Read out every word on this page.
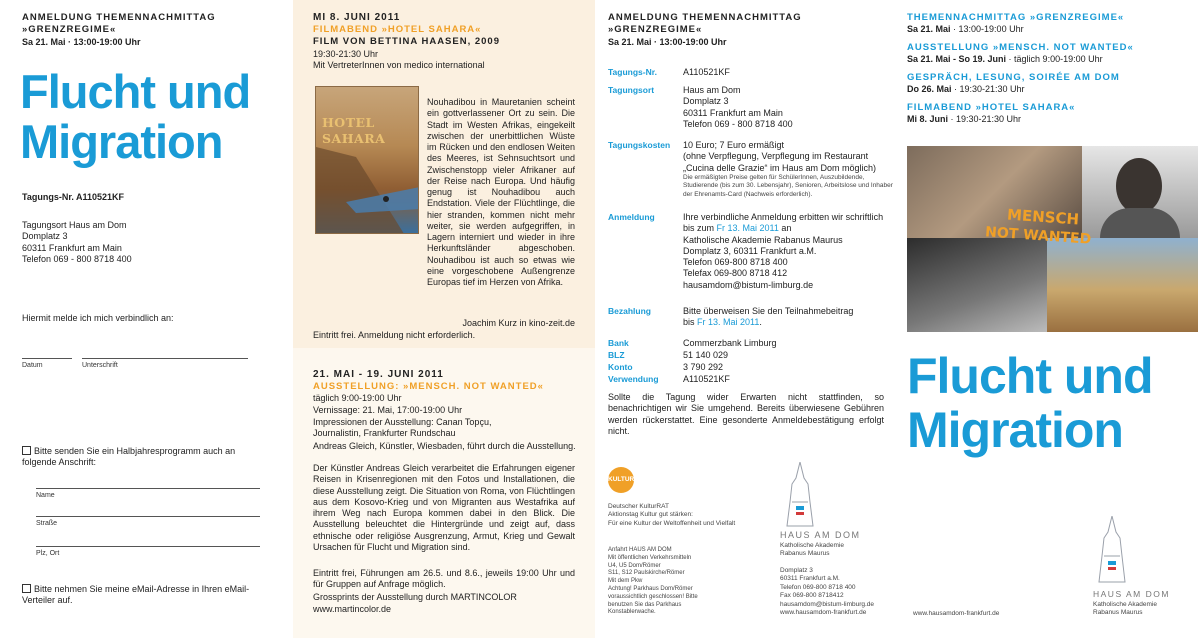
ANMELDUNG THEMENNACHMITTAG
»GRENZREGIME«
Sa 21. Mai · 13:00-19:00 Uhr
Flucht und
Migration
Tagungs-Nr. A110521KF
Tagungsort Haus am Dom
Domplatz 3
60311 Frankfurt am Main
Telefon 069 - 800 8718 400
Hiermit melde ich mich verbindlich an:
Datum	Unterschrift
Bitte senden Sie ein Halbjahresprogramm auch an folgende Anschrift:
Name
Straße
Plz, Ort
Bitte nehmen Sie meine eMail-Adresse in Ihren eMail-Verteiler auf.
MI 8. JUNI 2011
FILMABEND »HOTEL SAHARA«
FILM VON BETTINA HAASEN, 2009
19:30-21:30 Uhr
Mit VertreterInnen von medico international
HOTEL SAHARA
Nouhadibou in Mauretanien scheint ein gottverlassener Ort zu sein. Die Stadt im Westen Afrikas, eingekeilt zwischen der unerbittlichen Wüste im Rücken und den endlosen Weiten des Meeres, ist Sehnsuchtsort und Zwischenstopp vieler Afrikaner auf der Reise nach Europa. Und häufig genug ist Nouhadibou auch Endstation. Viele der Flüchtlinge, die hier stranden, kommen nicht mehr weiter, sie werden aufgegriffen, in Lagern interniert und wieder in ihre Herkunftsländer abgeschoben. Nouhadibou ist auch so etwas wie eine vorgeschobene Außengrenze Europas tief im Herzen von Afrika.
Joachim Kurz in kino-zeit.de
Eintritt frei. Anmeldung nicht erforderlich.
21. MAI - 19. JUNI 2011
AUSSTELLUNG: »MENSCH. NOT WANTED«
täglich 9:00-19:00 Uhr
Vernissage: 21. Mai, 17:00-19:00 Uhr
Impressionen der Ausstellung: Canan Topçu, Journalistin, Frankfurter Rundschau
Andreas Gleich, Künstler, Wiesbaden, führt durch die Ausstellung.
Der Künstler Andreas Gleich verarbeitet die Erfahrungen eigener Reisen in Krisenregionen mit den Fotos und Installationen, die diese Ausstellung zeigt. Die Situation von Roma, von Flüchtlingen aus dem Kosovo-Krieg und von Migranten aus Westafrika auf ihrem Weg nach Europa kommen dabei in den Blick. Die Ausstellung beleuchtet die Hintergründe und zeigt auf, dass ethnische oder religiöse Ausgrenzung, Armut, Krieg und Gewalt Ursachen für Flucht und Migration sind.
Eintritt frei, Führungen am 26.5. und 8.6., jeweils 19:00 Uhr und für Gruppen auf Anfrage möglich.
Grossprints der Ausstellung durch MARTINCOLOR
www.martincolor.de
ANMELDUNG THEMENNACHMITTAG
»GRENZREGIME«
Sa 21. Mai · 13:00-19:00 Uhr
Tagungs-Nr.	A110521KF
Tagungsort	Haus am Dom
Domplatz 3
60311 Frankfurt am Main
Telefon 069 - 800 8718 400
Tagungskosten	10 Euro; 7 Euro ermäßigt
(ohne Verpflegung, Verpflegung im Restaurant
„Cucina delle Grazie“ im Haus am Dom möglich)
Die ermäßigten Preise gelten für SchülerInnen, Auszubildende, Studierende (bis zum 30. Lebensjahr), Senioren, Arbeitslose und Inhaber der Ehrenamts-Card (Nachweis erforderlich).
Anmeldung	Ihre verbindliche Anmeldung erbitten wir schriftlich
bis zum Fr 13. Mai 2011 an
Katholische Akademie Rabanus Maurus
Domplatz 3, 60311 Frankfurt a.M.
Telefon 069-800 8718 400
Telefax 069-800 8718 412
hausamdom@bistum-limburg.de
Bezahlung	Bitte überweisen Sie den Teilnahmebeitrag
bis Fr 13. Mai 2011.
Bank	Commerzbank Limburg
BLZ	51 140 029
Konto	3 790 292
Verwendung	A110521KF
Sollte die Tagung wider Erwarten nicht stattfinden, so benachrichtigen wir Sie umgehend. Bereits überwiesene Gebühren werden rückerstattet. Eine gesonderte Anmeldebestätigung erfolgt nicht.
KULTUR
Deutscher KulturRAT
Aktionstag Kultur gut stärken:
Für eine Kultur der Weltoffenheit und Vielfalt
Anfahrt HAUS AM DOM
Mit öffentlichen Verkehrsmitteln
U4, U5 Dom/Römer
S11, S12 Paulskirche/Römer
Mit dem Pkw
Achtung! Parkhaus Dom/Römer voraussichtlich geschlossen! Bitte benutzen Sie das Parkhaus Konstablerwache.
HAUS AM DOM
Katholische Akademie
Rabanus Maurus
Domplatz 3
60311 Frankfurt a.M.
Telefon 069-800 8718 400
Fax 069-800 8718412
hausamdom@bistum-limburg.de
www.hausamdom-frankfurt.de
THEMENNACHMITTAG »GRENZREGIME«
Sa 21. Mai · 13:00-19:00 Uhr
AUSSTELLUNG »MENSCH. NOT WANTED«
Sa 21. Mai - So 19. Juni · täglich 9:00-19:00 Uhr
GESPRÄCH, LESUNG, SOIRÉE AM DOM
Do 26. Mai · 19:30-21:30 Uhr
FILMABEND »HOTEL SAHARA«
Mi 8. Juni · 19:30-21:30 Uhr
MENSCH
NOT WANTED
Flucht und
Migration
www.hausamdom-frankfurt.de
HAUS AM DOM
Katholische Akademie
Rabanus Maurus
